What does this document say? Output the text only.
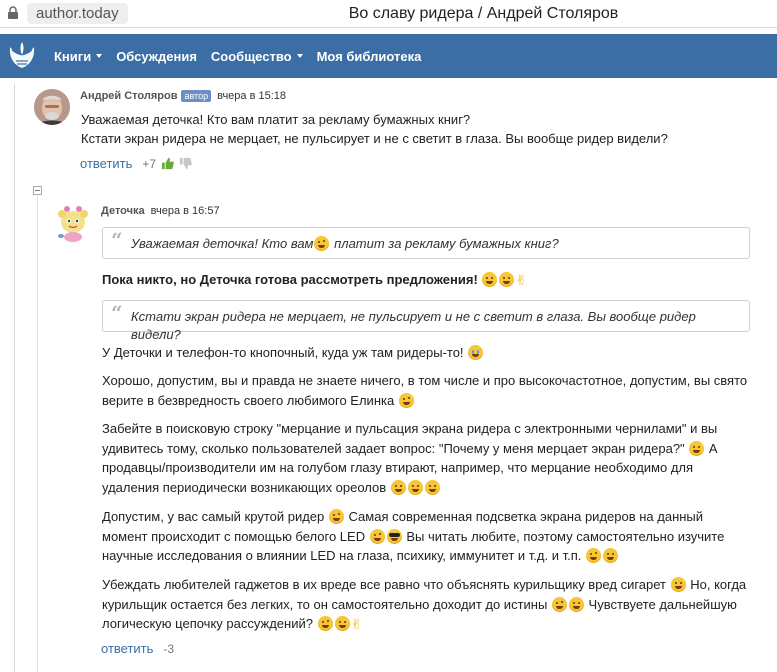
author.today	Во славу ридера / Андрей Столяров
Книги Обсуждения Сообщество Моя библиотека
Андрей Столяров автор вчера в 15:18
Уважаемая деточка! Кто вам платит за рекламу бумажных книг?
Кстати экран ридера не мерцает, не пульсирует и не с светит в глаза. Вы вообще ридер видели?
ответить +7
Деточка вчера в 16:57
“ Уважаемая деточка! Кто вам платит за рекламу бумажных книг?
Пока никто, но Деточка готова рассмотреть предложения!	✌
“ Кстати экран ридера не мерцает, не пульсирует и не с светит в глаза. Вы вообще ридер видели?
У Деточки и телефон-то кнопочный, куда уж там ридеры-то!
Хорошо, допустим, вы и правда не знаете ничего, в том числе и про высокочастотное, допустим, вы свято верите в безвредность своего любимого Елинка
Забейте в поисковую строку "мерцание и пульсация экрана ридера с электронными чернилами" и вы удивитесь тому, сколько пользователей задает вопрос: "Почему у меня мерцает экран ридера?"  А продавцы/производители им на голубом глазу втирают, например, что мерцание необходимо для удаления периодически возникающих ореолов
Допустим, у вас самый крутой ридер  Самая современная подсветка экрана ридеров на данный момент происходит с помощью белого LED	Вы читать любите, поэтому самостоятельно изучите научные исследования о влиянии LED на глаза, психику, иммунитет и т.д. и т.п.
Убеждать любителей гаджетов в их вреде все равно что объяснять курильщику вред сигарет  Но, когда курильщик остается без легких, то он самостоятельно доходит до истины	Чувствуете дальнейшую логическую цепочку рассуждений?	✌
ответить -3
